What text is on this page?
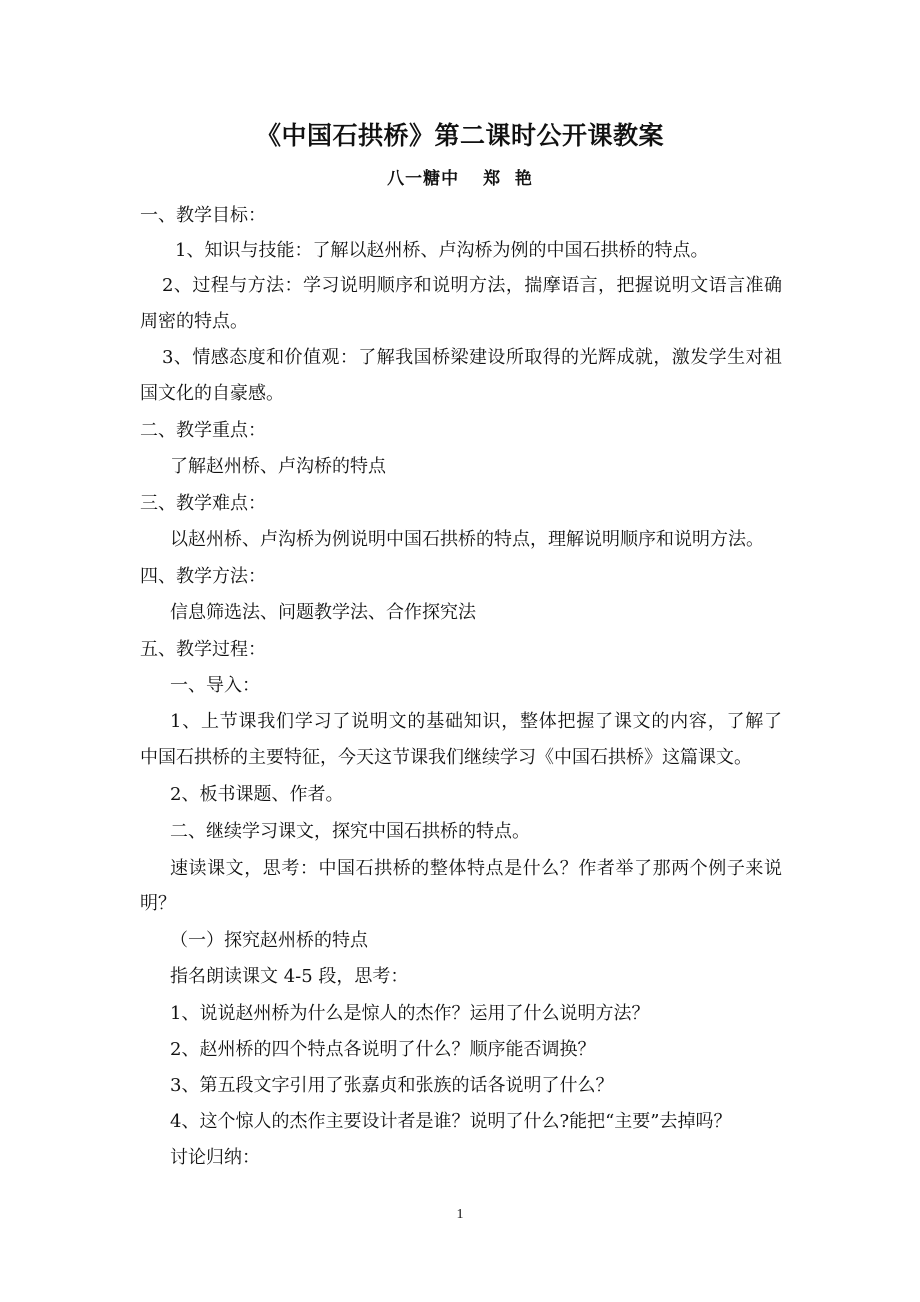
《中国石拱桥》第二课时公开课教案
八一糖中 郑  艳
一、教学目标：
1、知识与技能：了解以赵州桥、卢沟桥为例的中国石拱桥的特点。
2、过程与方法：学习说明顺序和说明方法，揣摩语言，把握说明文语言准确
周密的特点。
3、情感态度和价值观：了解我国桥梁建设所取得的光辉成就，激发学生对祖
国文化的自豪感。
二、教学重点：
了解赵州桥、卢沟桥的特点
三、教学难点：
以赵州桥、卢沟桥为例说明中国石拱桥的特点，理解说明顺序和说明方法。
四、教学方法：
信息筛选法、问题教学法、合作探究法
五、教学过程：
一、导入：
1、上节课我们学习了说明文的基础知识，整体把握了课文的内容，了解了
中国石拱桥的主要特征，今天这节课我们继续学习《中国石拱桥》这篇课文。
2、板书课题、作者。
二、继续学习课文，探究中国石拱桥的特点。
速读课文，思考：中国石拱桥的整体特点是什么？作者举了那两个例子来说
明？
（一）探究赵州桥的特点
指名朗读课文 4-5 段，思考：
1、说说赵州桥为什么是惊人的杰作？运用了什么说明方法？
2、赵州桥的四个特点各说明了什么？顺序能否调换？
3、第五段文字引用了张嘉贞和张族的话各说明了什么？
4、这个惊人的杰作主要设计者是谁？说明了什么?能把“主要”去掉吗？
讨论归纳：
1
